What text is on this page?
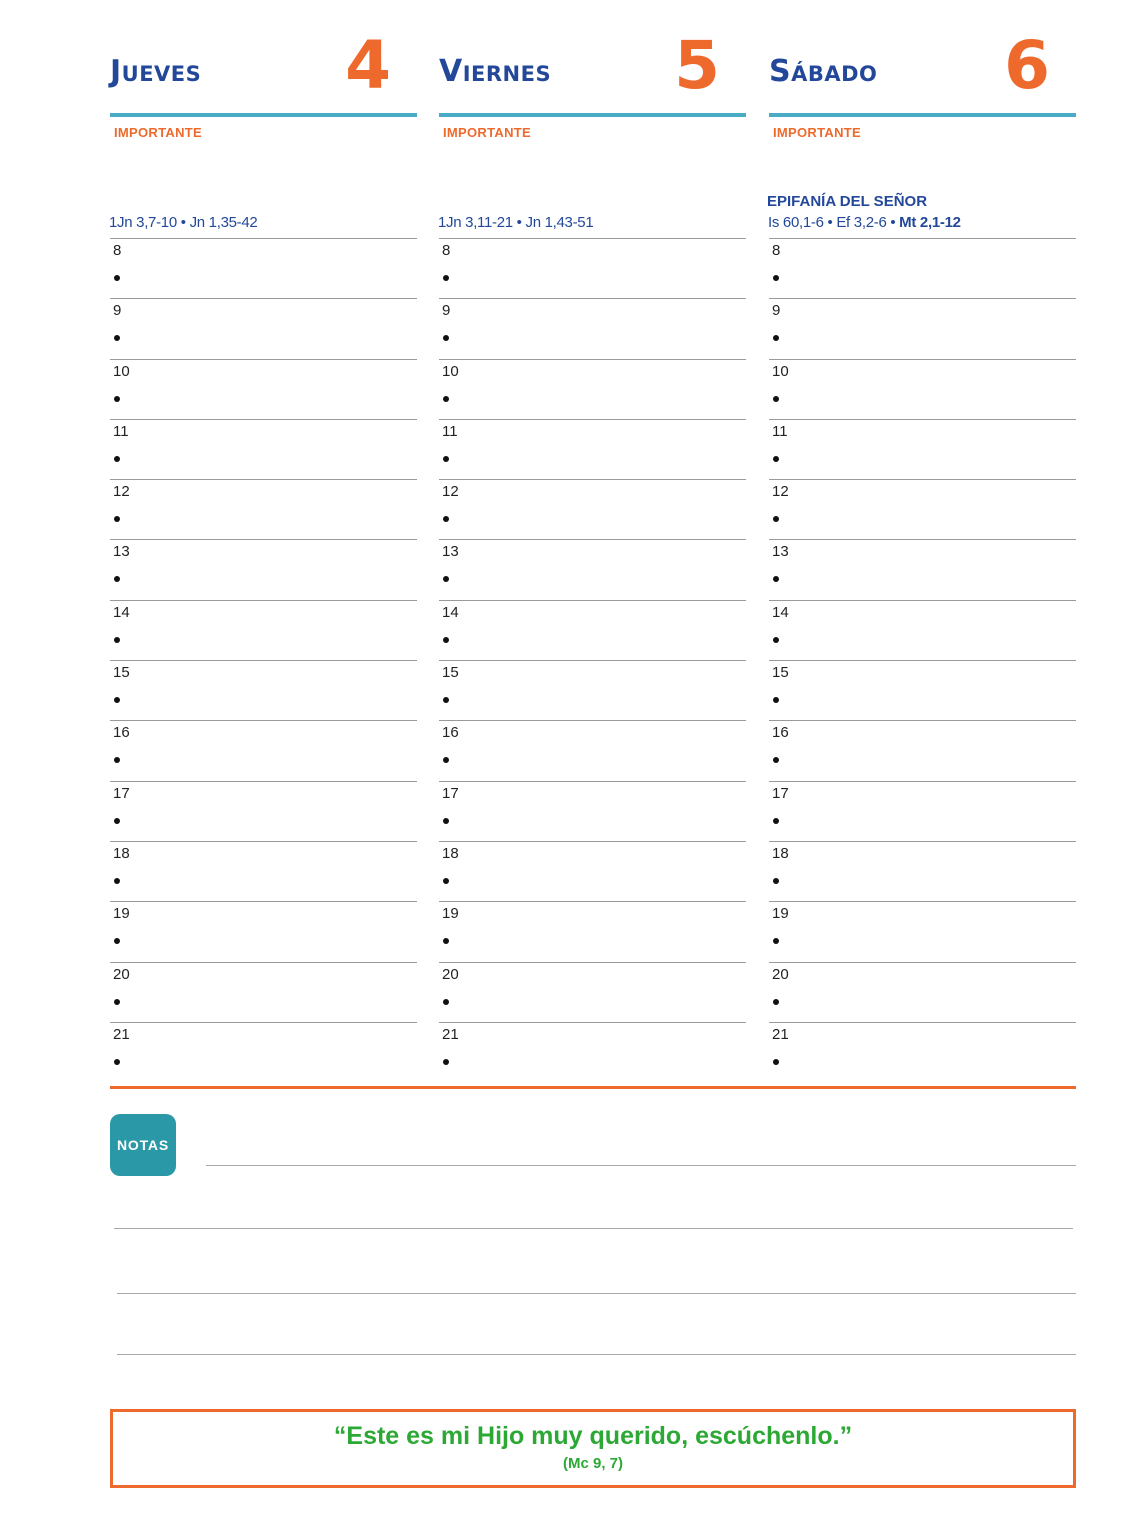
Jueves 4
IMPORTANTE
1Jn 3,7-10 • Jn 1,35-42
8
9
10
11
12
13
14
15
16
17
18
19
20
21
Viernes 5
IMPORTANTE
1Jn 3,11-21 • Jn 1,43-51
8
9
10
11
12
13
14
15
16
17
18
19
20
21
Sábado 6
IMPORTANTE
EPIFANÍA DEL SEÑOR
Is 60,1-6 • Ef 3,2-6 • Mt 2,1-12
8
9
10
11
12
13
14
15
16
17
18
19
20
21
NOTAS
“Este es mi Hijo muy querido, escúchenlo.”
(Mc 9, 7)
